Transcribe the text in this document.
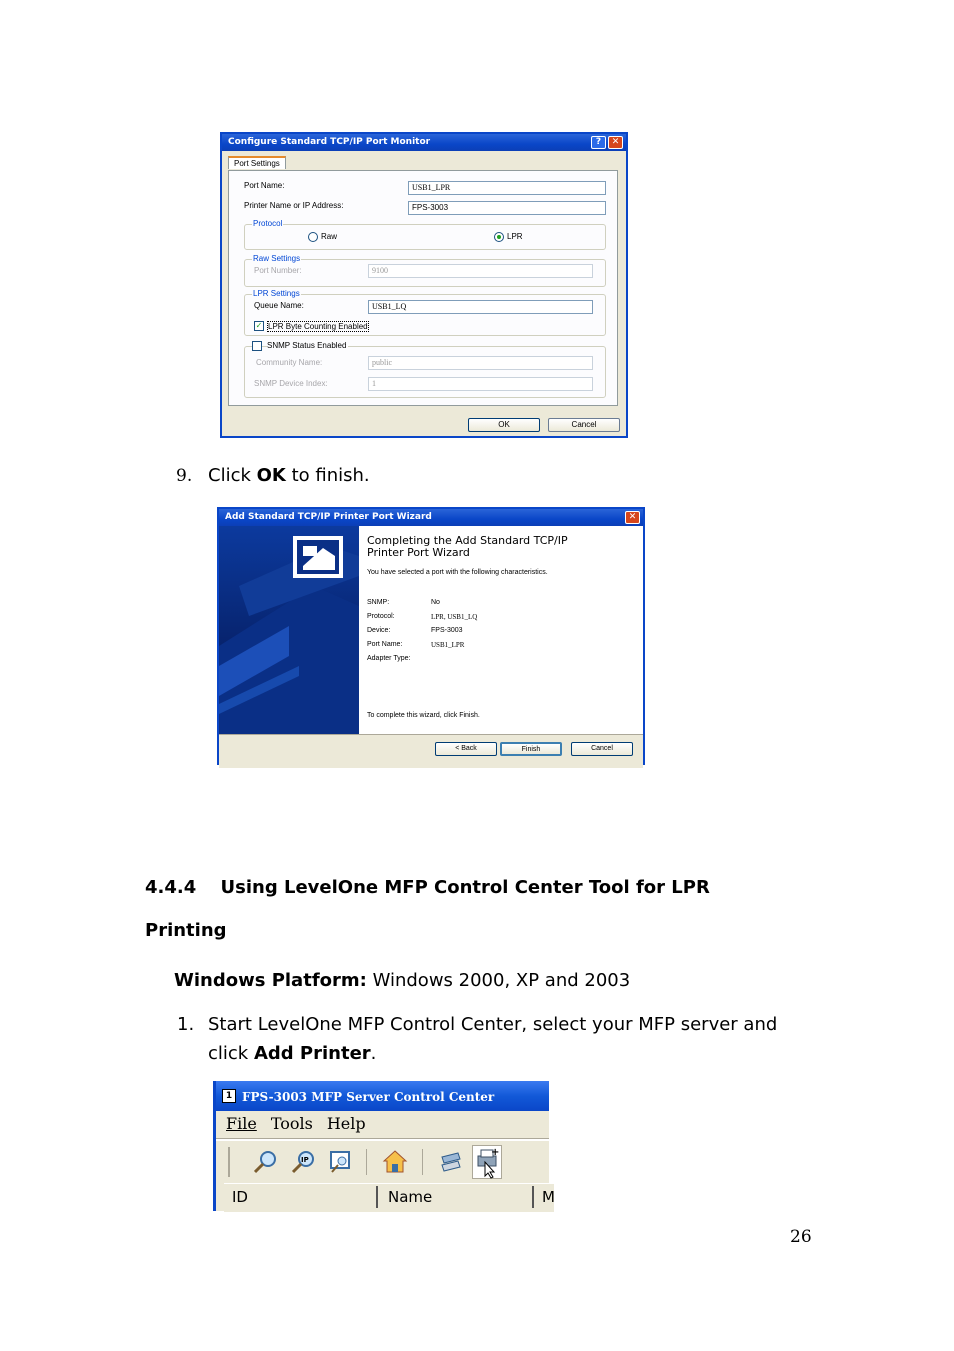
Configure Standard TCP/IP Port Monitor	?	✕
Port Settings
Port Name:	USB1_LPR
Printer Name or IP Address:	FPS-3003
Protocol
Raw	LPR
Raw Settings
Port Number:	9100
LPR Settings
Queue Name:	USB1_LQ
✓ LPR Byte Counting Enabled
SNMP Status Enabled
Community Name:	public
SNMP Device Index:	1
OK	Cancel
9. Click OK to finish.
Add Standard TCP/IP Printer Port Wizard	✕
Completing the Add Standard TCP/IP Printer Port Wizard
You have selected a port with the following characteristics.
SNMP:	No
Protocol:	LPR, USB1_LQ
Device:	FPS-3003
Port Name:	USB1_LPR
Adapter Type:
To complete this wizard, click Finish.
< Back	Finish	Cancel
4.4.4 Using LevelOne MFP Control Center Tool for LPR
Printing
Windows Platform: Windows 2000, XP and 2003
1. Start LevelOne MFP Control Center, select your MFP server and
click Add Printer.
1 FPS-3003 MFP Server Control Center
File Tools Help
IP
+
ID	Name	M
26
